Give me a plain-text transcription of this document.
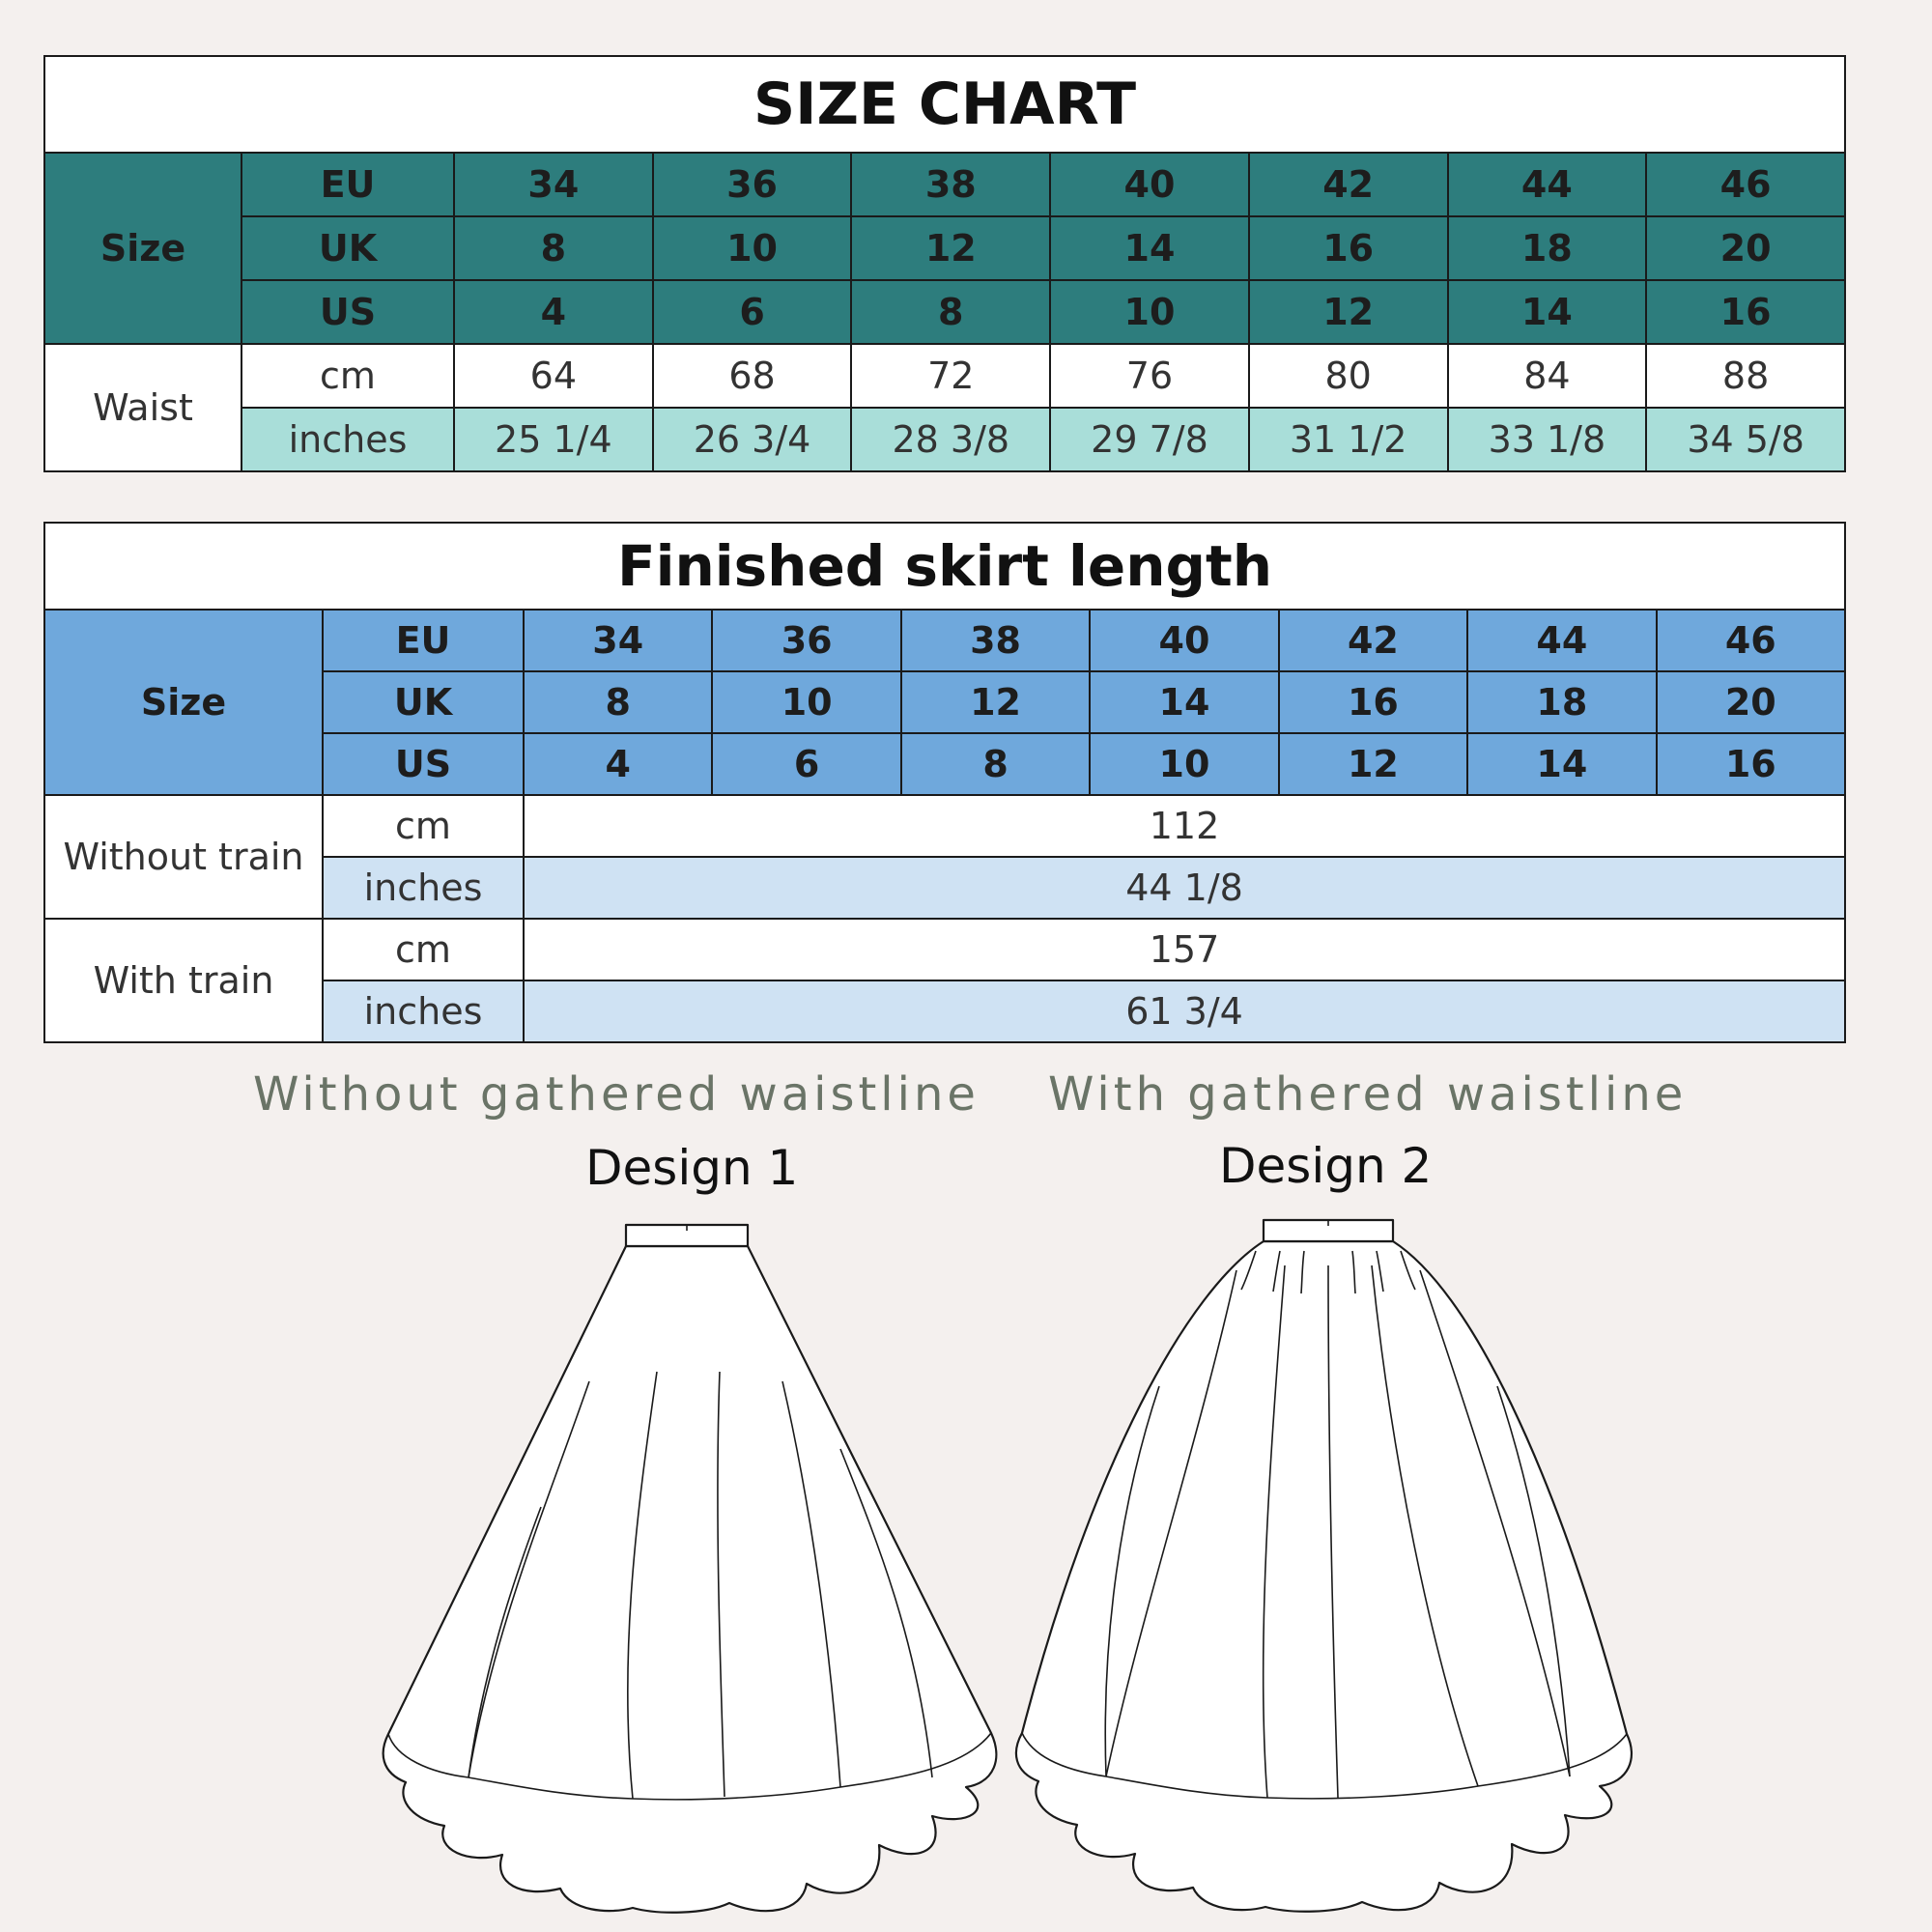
SIZE CHART								
Size	EU	34	36	38	40	42	44	46
	UK	8	10	12	14	16	18	20
	US	4	6	8	10	12	14	16
Waist	cm	64	68	72	76	80	84	88
	inches	25 1/4	26 3/4	28 3/8	29 7/8	31 1/2	33 1/8	34 5/8
Finished skirt length								
Size	EU	34	36	38	40	42	44	46
	UK	8	10	12	14	16	18	20
	US	4	6	8	10	12	14	16
Without train	cm	112						
	inches	44 1/8						
With train	cm	157						
	inches	61 3/4						
Without gathered waistline With gathered waistline
Design 1	Design 2
